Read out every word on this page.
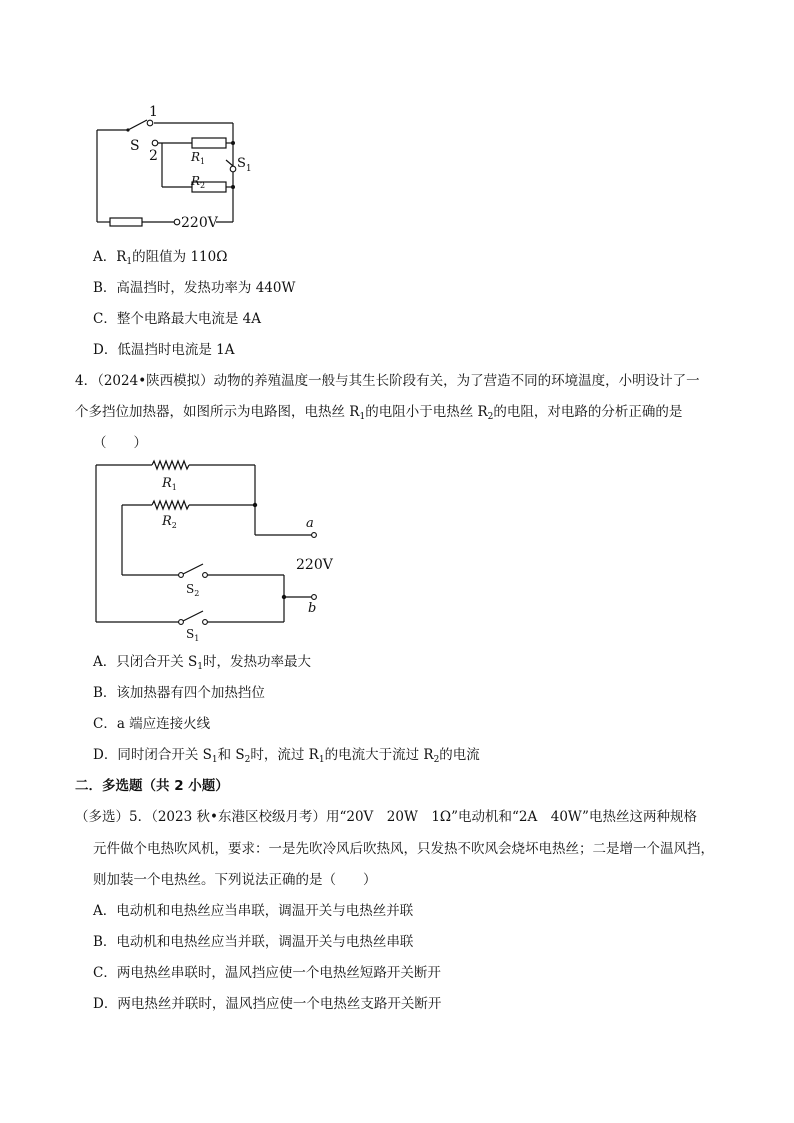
1
S
2	$R_1$ $S_1$
$R_2$
220V
A．$R_1$的阻值为 110Ω
B．高温挡时，发热功率为 440W
C．整个电路最大电流是 4A
D．低温挡时电流是 1A
4．（2024•陕西模拟）动物的养殖温度一般与其生长阶段有关，为了营造不同的环境温度，小明设计了一
个多挡位加热器，如图所示为电路图，电热丝 $R_1$的电阻小于电热丝 $R_2$的电阻，对电路的分析正确的是
（　　）
$R_1$
$R_2$	a
220V
b
$S_2$
$S_1$
A．只闭合开关 $S_1$时，发热功率最大
B．该加热器有四个加热挡位
C．a 端应连接火线
D．同时闭合开关 $S_1$和 $S_2$时，流过 $R_1$的电流大于流过 $R_2$的电流
二．多选题（共 2 小题）
（多选）5．（2023 秋•东港区校级月考）用“20V　20W　1Ω”电动机和“2A　40W”电热丝这两种规格
元件做个电热吹风机，要求：一是先吹冷风后吹热风，只发热不吹风会烧坏电热丝；二是增一个温风挡，
则加装一个电热丝。下列说法正确的是（　　）
A．电动机和电热丝应当串联，调温开关与电热丝并联
B．电动机和电热丝应当并联，调温开关与电热丝串联
C．两电热丝串联时，温风挡应使一个电热丝短路开关断开
D．两电热丝并联时，温风挡应使一个电热丝支路开关断开
